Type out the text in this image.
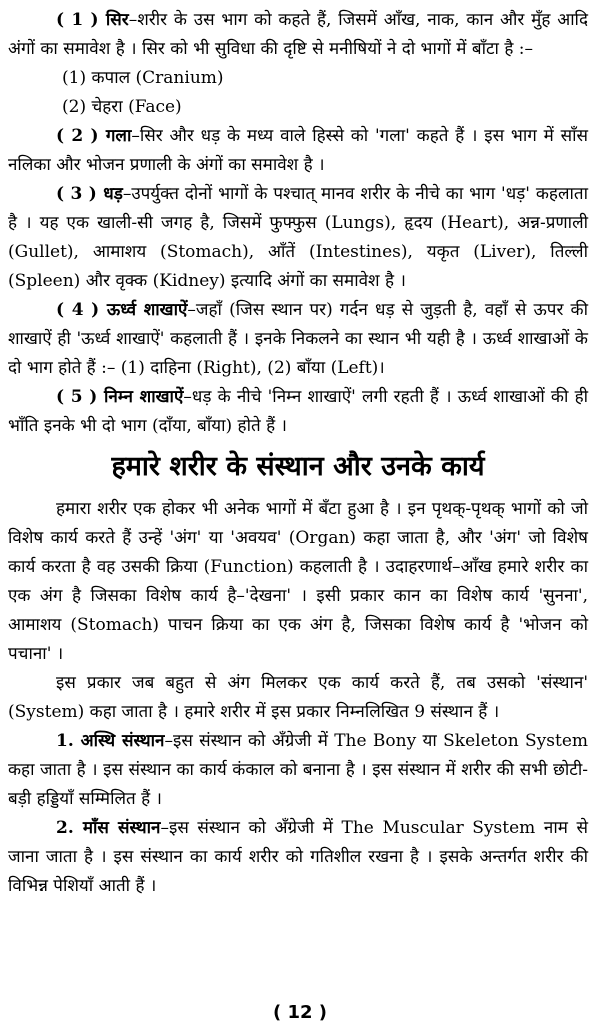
( 1 ) सिर–शरीर के उस भाग को कहते हैं, जिसमें आँख, नाक, कान और मुँह आदि अंगों का समावेश है । सिर को भी सुविधा की दृष्टि से मनीषियों ने दो भागों में बाँटा है :–

(1) कपाल (Cranium)

(2) चेहरा (Face)

( 2 ) गला–सिर और धड़ के मध्य वाले हिस्से को 'गला' कहते हैं । इस भाग में साँस नलिका और भोजन प्रणाली के अंगों का समावेश है ।

( 3 ) धड़–उपर्युक्त दोनों भागों के पश्चात् मानव शरीर के नीचे का भाग 'धड़' कहलाता है । यह एक खाली-सी जगह है, जिसमें फुफ्फुस (Lungs), हृदय (Heart), अन्न-प्रणाली (Gullet), आमाशय (Stomach), आँतें (Intestines), यकृत (Liver), तिल्ली (Spleen) और वृक्क (Kidney) इत्यादि अंगों का समावेश है ।

( 4 ) ऊर्ध्व शाखाऐं–जहाँ (जिस स्थान पर) गर्दन धड़ से जुड़ती है, वहाँ से ऊपर की शाखाऐं ही 'ऊर्ध्व शाखाऐं' कहलाती हैं । इनके निकलने का स्थान भी यही है । ऊर्ध्व शाखाओं के दो भाग होते हैं :– (1) दाहिना (Right), (2) बाँया (Left)।

( 5 ) निम्न शाखाऐं–धड़ के नीचे 'निम्न शाखाऐं' लगी रहती हैं । ऊर्ध्व शाखाओं की ही भाँति इनके भी दो भाग (दाँया, बाँया) होते हैं ।

हमारे शरीर के संस्थान और उनके कार्य

हमारा शरीर एक होकर भी अनेक भागों में बँटा हुआ है । इन पृथक्-पृथक् भागों को जो विशेष कार्य करते हैं उन्हें 'अंग' या 'अवयव' (Organ) कहा जाता है, और 'अंग' जो विशेष कार्य करता है वह उसकी क्रिया (Function) कहलाती है । उदाहरणार्थ–आँख हमारे शरीर का एक अंग है जिसका विशेष कार्य है–'देखना' । इसी प्रकार कान का विशेष कार्य 'सुनना', आमाशय (Stomach) पाचन क्रिया का एक अंग है, जिसका विशेष कार्य है 'भोजन को पचाना' ।

इस प्रकार जब बहुत से अंग मिलकर एक कार्य करते हैं, तब उसको 'संस्थान' (System) कहा जाता है । हमारे शरीर में इस प्रकार निम्नलिखित 9 संस्थान हैं ।

1. अस्थि संस्थान–इस संस्थान को अँग्रेजी में The Bony या Skeleton System कहा जाता है । इस संस्थान का कार्य कंकाल को बनाना है । इस संस्थान में शरीर की सभी छोटी-बड़ी हड्डियाँ सम्मिलित हैं ।

2. माँस संस्थान–इस संस्थान को अँग्रेजी में The Muscular System नाम से जाना जाता है । इस संस्थान का कार्य शरीर को गतिशील रखना है । इसके अन्तर्गत शरीर की विभिन्न पेशियाँ आती हैं ।

( 12 )
